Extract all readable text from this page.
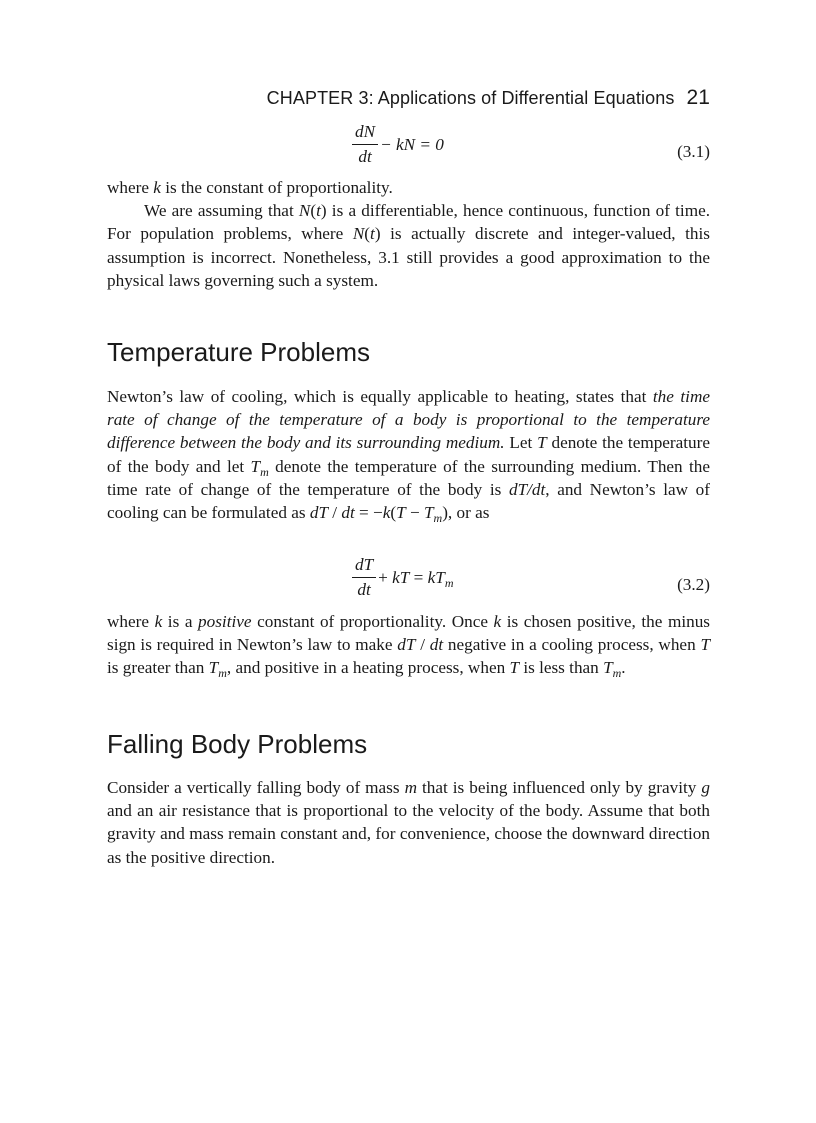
CHAPTER 3: Applications of Differential Equations 21
$\frac{dN}{dt}$ − kN = 0	(3.1)

where k is the constant of proportionality.

We are assuming that N(t) is a differentiable, hence continuous, function of time. For population problems, where N(t) is actually discrete and integer-valued, this assumption is incorrect. Nonetheless, 3.1 still provides a good approximation to the physical laws governing such a system.

Temperature Problems

Newton’s law of cooling, which is equally applicable to heating, states that the time rate of change of the temperature of a body is proportional to the temperature difference between the body and its surrounding medium. Let T denote the temperature of the body and let $T_m$ denote the temperature of the surrounding medium. Then the time rate of change of the temperature of the body is dT/dt, and Newton’s law of cooling can be formulated as dT / dt = $-k(T - T_m)$, or as

$\frac{dT}{dt}$ + kT = $kT_m$	(3.2)

where k is a positive constant of proportionality. Once k is chosen positive, the minus sign is required in Newton’s law to make dT / dt negative in a cooling process, when T is greater than $T_m$, and positive in a heating process, when T is less than $T_m$.

Falling Body Problems

Consider a vertically falling body of mass m that is being influenced only by gravity g and an air resistance that is proportional to the velocity of the body. Assume that both gravity and mass remain constant and, for convenience, choose the downward direction as the positive direction.
